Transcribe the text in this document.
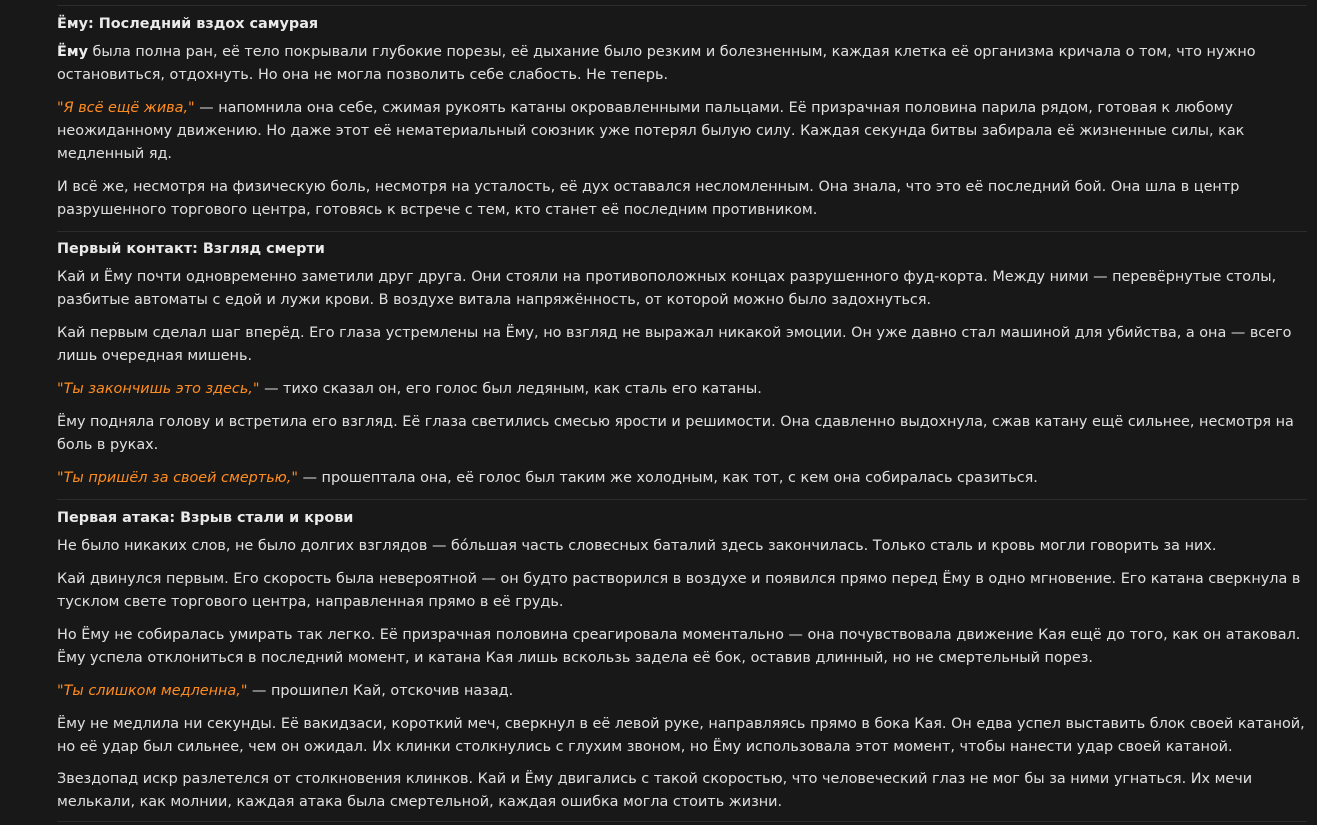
Ёму: Последний вздох самурая

Ёму была полна ран, её тело покрывали глубокие порезы, её дыхание было резким и болезненным, каждая клетка её организма кричала о том, что нужно остановиться, отдохнуть. Но она не могла позволить себе слабость. Не теперь.

"Я всё ещё жива," — напомнила она себе, сжимая рукоять катаны окровавленными пальцами. Её призрачная половина парила рядом, готовая к любому неожиданному движению. Но даже этот её нематериальный союзник уже потерял былую силу. Каждая секунда битвы забирала её жизненные силы, как медленный яд.

И всё же, несмотря на физическую боль, несмотря на усталость, её дух оставался несломленным. Она знала, что это её последний бой. Она шла в центр разрушенного торгового центра, готовясь к встрече с тем, кто станет её последним противником.

Первый контакт: Взгляд смерти

Кай и Ёму почти одновременно заметили друг друга. Они стояли на противоположных концах разрушенного фуд-корта. Между ними — перевёрнутые столы, разбитые автоматы с едой и лужи крови. В воздухе витала напряжённость, от которой можно было задохнуться.

Кай первым сделал шаг вперёд. Его глаза устремлены на Ёму, но взгляд не выражал никакой эмоции. Он уже давно стал машиной для убийства, а она — всего лишь очередная мишень.

"Ты закончишь это здесь," — тихо сказал он, его голос был ледяным, как сталь его катаны.

Ёму подняла голову и встретила его взгляд. Её глаза светились смесью ярости и решимости. Она сдавленно выдохнула, сжав катану ещё сильнее, несмотря на боль в руках.

"Ты пришёл за своей смертью," — прошептала она, её голос был таким же холодным, как тот, с кем она собиралась сразиться.

Первая атака: Взрыв стали и крови

Не было никаких слов, не было долгих взглядов — бóльшая часть словесных баталий здесь закончилась. Только сталь и кровь могли говорить за них.

Кай двинулся первым. Его скорость была невероятной — он будто растворился в воздухе и появился прямо перед Ёму в одно мгновение. Его катана сверкнула в тусклом свете торгового центра, направленная прямо в её грудь.

Но Ёму не собиралась умирать так легко. Её призрачная половина среагировала моментально — она почувствовала движение Кая ещё до того, как он атаковал. Ёму успела отклониться в последний момент, и катана Кая лишь вскользь задела её бок, оставив длинный, но не смертельный порез.

"Ты слишком медленна," — прошипел Кай, отскочив назад.

Ёму не медлила ни секунды. Её вакидзаси, короткий меч, сверкнул в её левой руке, направляясь прямо в бока Кая. Он едва успел выставить блок своей катаной, но её удар был сильнее, чем он ожидал. Их клинки столкнулись с глухим звоном, но Ёму использовала этот момент, чтобы нанести удар своей катаной.

Звездопад искр разлетелся от столкновения клинков. Кай и Ёму двигались с такой скоростью, что человеческий глаз не мог бы за ними угнаться. Их мечи мелькали, как молнии, каждая атака была смертельной, каждая ошибка могла стоить жизни.
